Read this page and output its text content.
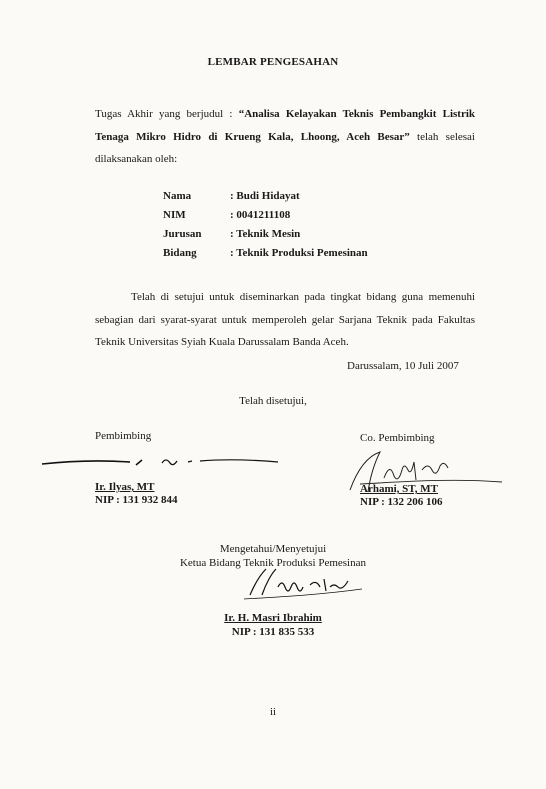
LEMBAR PENGESAHAN
Tugas Akhir yang berjudul : “Analisa Kelayakan Teknis Pembangkit Listrik Tenaga Mikro Hidro di Krueng Kala, Lhoong, Aceh Besar” telah selesai dilaksanakan oleh:
Nama	: Budi Hidayat
NIM	: 0041211108
Jurusan	: Teknik Mesin
Bidang	: Teknik Produksi Pemesinan
Telah di setujui untuk diseminarkan pada tingkat bidang guna memenuhi sebagian dari syarat-syarat untuk memperoleh gelar Sarjana Teknik pada Fakultas Teknik Universitas Syiah Kuala Darussalam Banda Aceh.
Darussalam, 10 Juli 2007
Telah disetujui,
Pembimbing	Co. Pembimbing
Ir. Ilyas, MT
NIP : 131 932 844
Arhami, ST, MT
NIP : 132 206 106
Mengetahui/Menyetujui
Ketua Bidang Teknik Produksi Pemesinan
Ir. H. Masri Ibrahim
NIP : 131 835 533
ii
